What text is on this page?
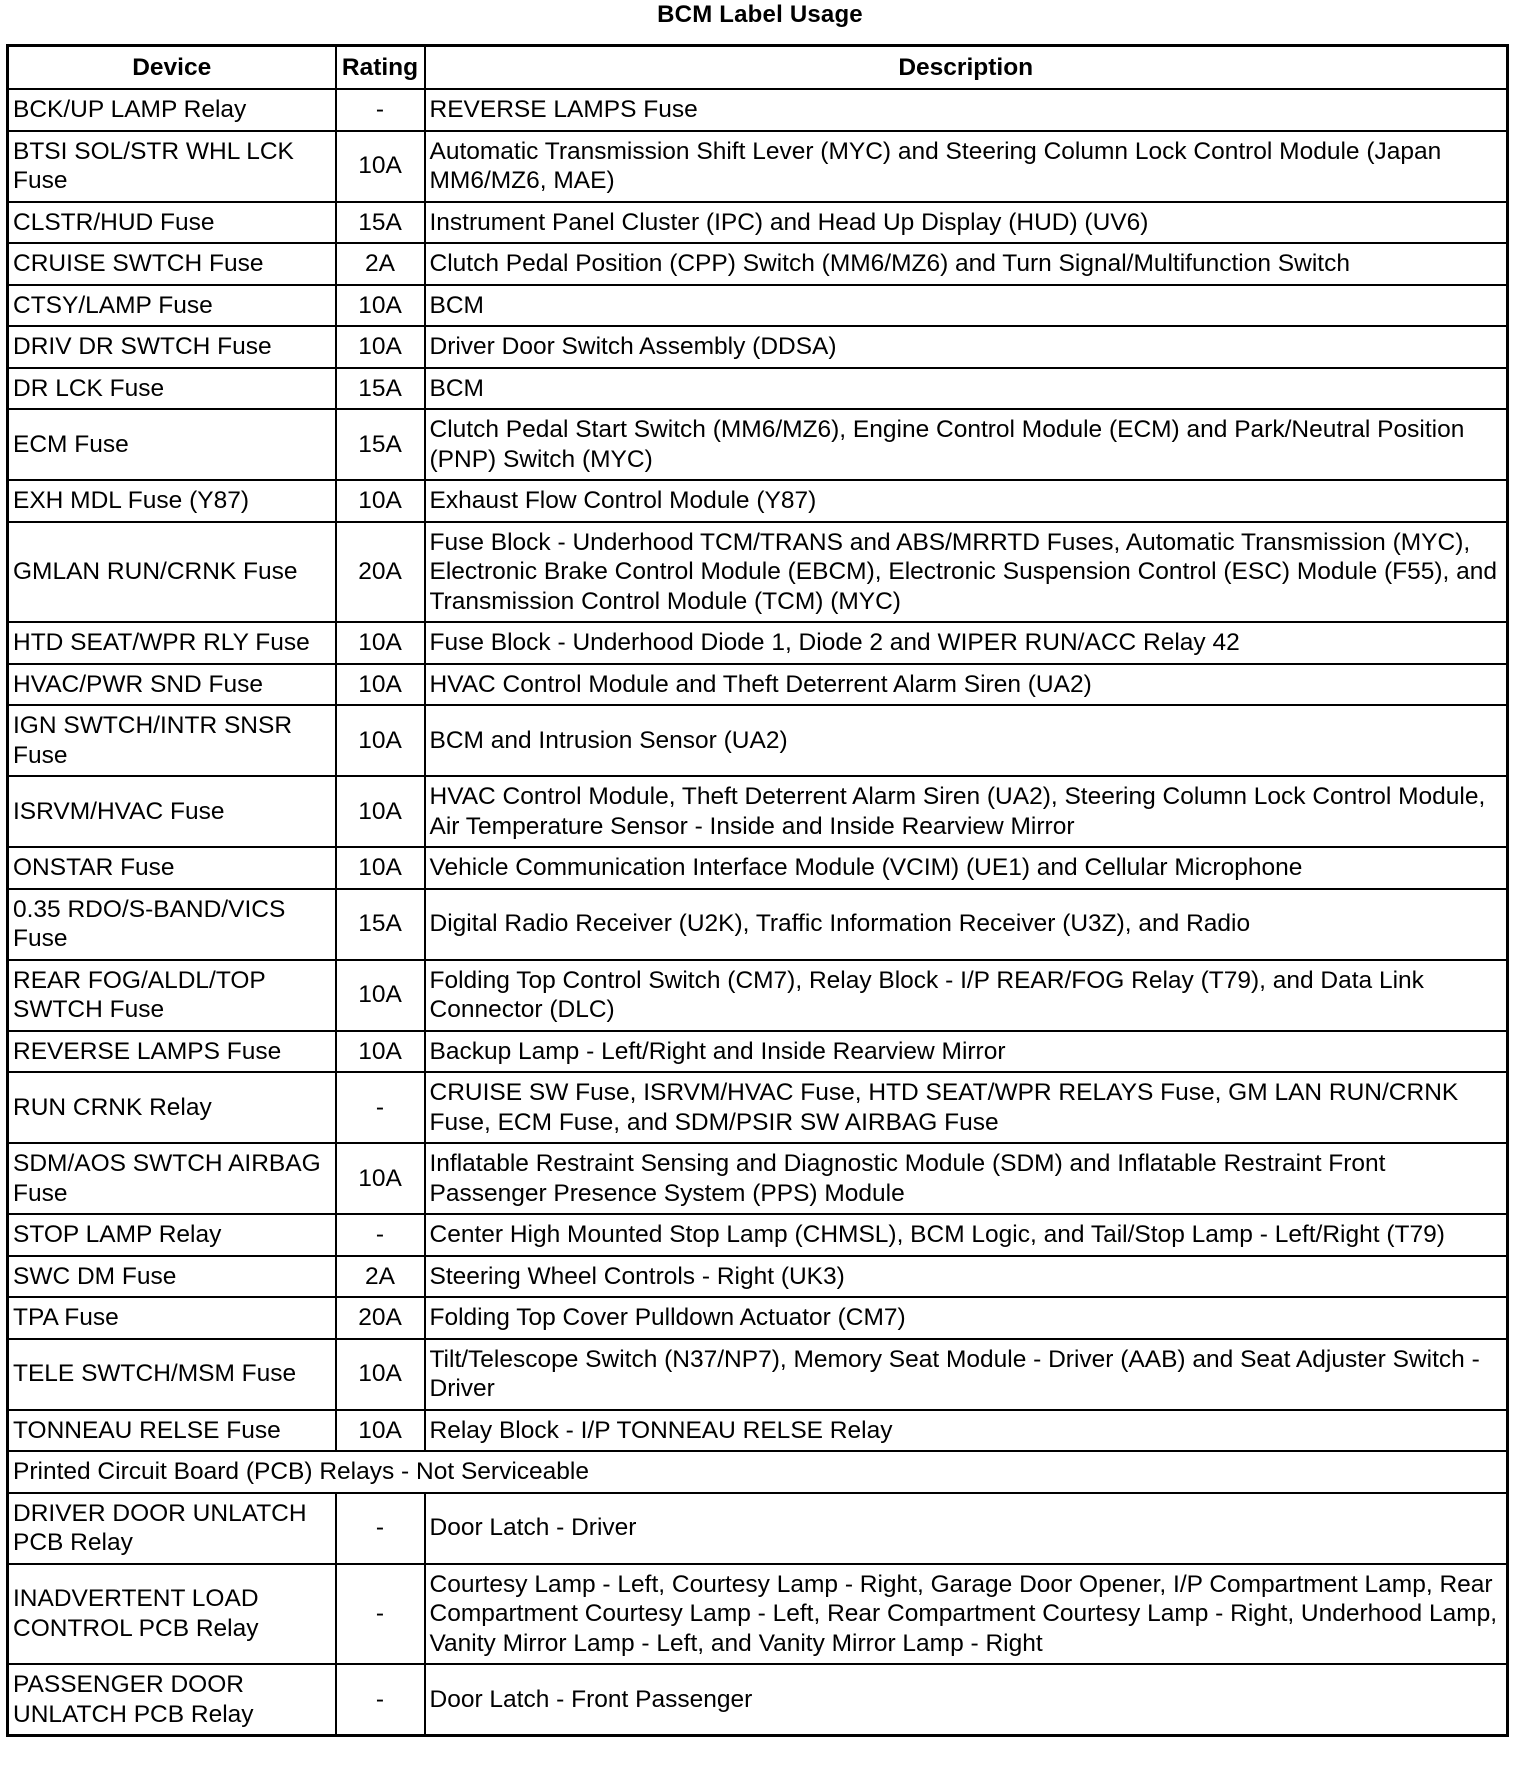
BCM Label Usage
Device	Rating	Description
BCK/UP LAMP Relay	-	REVERSE LAMPS Fuse
BTSI SOL/STR WHL LCK Fuse	10A	Automatic Transmission Shift Lever (MYC) and Steering Column Lock Control Module (Japan MM6/MZ6, MAE)
CLSTR/HUD Fuse	15A	Instrument Panel Cluster (IPC) and Head Up Display (HUD) (UV6)
CRUISE SWTCH Fuse	2A	Clutch Pedal Position (CPP) Switch (MM6/MZ6) and Turn Signal/Multifunction Switch
CTSY/LAMP Fuse	10A	BCM
DRIV DR SWTCH Fuse	10A	Driver Door Switch Assembly (DDSA)
DR LCK Fuse	15A	BCM
ECM Fuse	15A	Clutch Pedal Start Switch (MM6/MZ6), Engine Control Module (ECM) and Park/Neutral Position (PNP) Switch (MYC)
EXH MDL Fuse (Y87)	10A	Exhaust Flow Control Module (Y87)
GMLAN RUN/CRNK Fuse	20A	Fuse Block - Underhood TCM/TRANS and ABS/MRRTD Fuses, Automatic Transmission (MYC), Electronic Brake Control Module (EBCM), Electronic Suspension Control (ESC) Module (F55), and Transmission Control Module (TCM) (MYC)
HTD SEAT/WPR RLY Fuse	10A	Fuse Block - Underhood Diode 1, Diode 2 and WIPER RUN/ACC Relay 42
HVAC/PWR SND Fuse	10A	HVAC Control Module and Theft Deterrent Alarm Siren (UA2)
IGN SWTCH/INTR SNSR Fuse	10A	BCM and Intrusion Sensor (UA2)
ISRVM/HVAC Fuse	10A	HVAC Control Module, Theft Deterrent Alarm Siren (UA2), Steering Column Lock Control Module, Air Temperature Sensor - Inside and Inside Rearview Mirror
ONSTAR Fuse	10A	Vehicle Communication Interface Module (VCIM) (UE1) and Cellular Microphone
0.35 RDO/S-BAND/VICS Fuse	15A	Digital Radio Receiver (U2K), Traffic Information Receiver (U3Z), and Radio
REAR FOG/ALDL/TOP SWTCH Fuse	10A	Folding Top Control Switch (CM7), Relay Block - I/P REAR/FOG Relay (T79), and Data Link Connector (DLC)
REVERSE LAMPS Fuse	10A	Backup Lamp - Left/Right and Inside Rearview Mirror
RUN CRNK Relay	-	CRUISE SW Fuse, ISRVM/HVAC Fuse, HTD SEAT/WPR RELAYS Fuse, GM LAN RUN/CRNK Fuse, ECM Fuse, and SDM/PSIR SW AIRBAG Fuse
SDM/AOS SWTCH AIRBAG Fuse	10A	Inflatable Restraint Sensing and Diagnostic Module (SDM) and Inflatable Restraint Front Passenger Presence System (PPS) Module
STOP LAMP Relay	-	Center High Mounted Stop Lamp (CHMSL), BCM Logic, and Tail/Stop Lamp - Left/Right (T79)
SWC DM Fuse	2A	Steering Wheel Controls - Right (UK3)
TPA Fuse	20A	Folding Top Cover Pulldown Actuator (CM7)
TELE SWTCH/MSM Fuse	10A	Tilt/Telescope Switch (N37/NP7), Memory Seat Module - Driver (AAB) and Seat Adjuster Switch - Driver
TONNEAU RELSE Fuse	10A	Relay Block - I/P TONNEAU RELSE Relay
Printed Circuit Board (PCB) Relays - Not Serviceable		
DRIVER DOOR UNLATCH PCB Relay	-	Door Latch - Driver
INADVERTENT LOAD CONTROL PCB Relay	-	Courtesy Lamp - Left, Courtesy Lamp - Right, Garage Door Opener, I/P Compartment Lamp, Rear Compartment Courtesy Lamp - Left, Rear Compartment Courtesy Lamp - Right, Underhood Lamp, Vanity Mirror Lamp - Left, and Vanity Mirror Lamp - Right
PASSENGER DOOR UNLATCH PCB Relay	-	Door Latch - Front Passenger
